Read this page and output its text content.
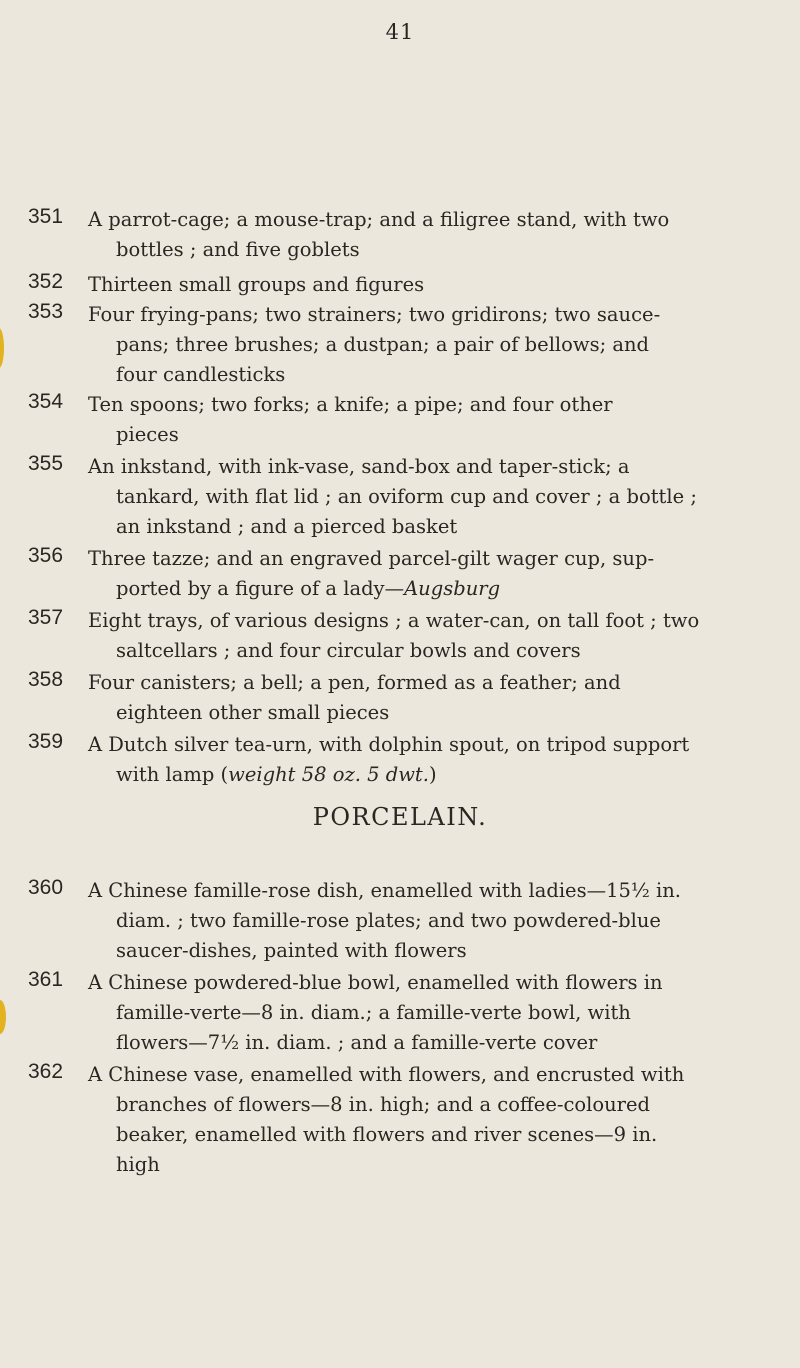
41
351 A parrot-cage; a mouse-trap; and a filigree stand, with two
bottles ; and five goblets
352 Thirteen small groups and figures
353 Four frying-pans; two strainers; two gridirons; two sauce-
pans; three brushes; a dustpan; a pair of bellows; and
four candlesticks
354 Ten spoons; two forks; a knife; a pipe; and four other
pieces
355 An inkstand, with ink-vase, sand-box and taper-stick; a
tankard, with flat lid ; an oviform cup and cover ; a bottle ;
an inkstand ; and a pierced basket
356 Three tazze; and an engraved parcel-gilt wager cup, sup-
ported by a figure of a lady—Augsburg
357 Eight trays, of various designs ; a water-can, on tall foot ; two
saltcellars ; and four circular bowls and covers
358 Four canisters; a bell; a pen, formed as a feather; and
eighteen other small pieces
359 A Dutch silver tea-urn, with dolphin spout, on tripod support
with lamp (weight 58 oz. 5 dwt.)
PORCELAIN.
360 A Chinese famille-rose dish, enamelled with ladies—15½ in.
diam. ; two famille-rose plates; and two powdered-blue
saucer-dishes, painted with flowers
361 A Chinese powdered-blue bowl, enamelled with flowers in
famille-verte—8 in. diam.; a famille-verte bowl, with
flowers—7½ in. diam. ; and a famille-verte cover
362 A Chinese vase, enamelled with flowers, and encrusted with
branches of flowers—8 in. high; and a coffee-coloured
beaker, enamelled with flowers and river scenes—9 in.
high
